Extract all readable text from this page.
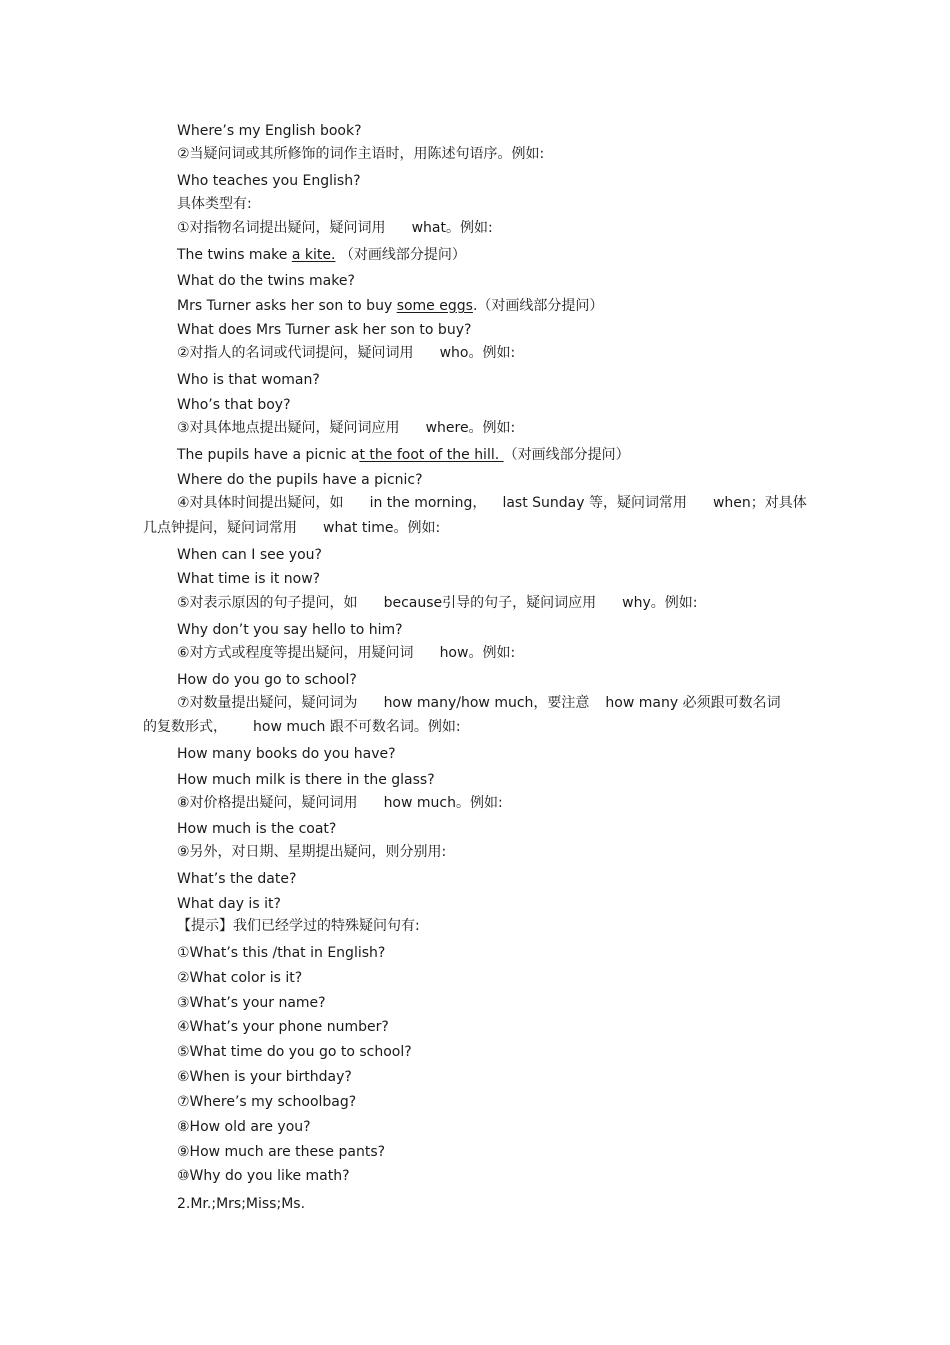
Where’s my English book?
②当疑问词或其所修饰的词作主语时，用陈述句语序。例如:
Who teaches you English?
具体类型有:
①对指物名词提出疑问，疑问词用 what。例如:
The twins make a kite. （对画线部分提问）
What do the twins make?
Mrs Turner asks her son to buy some eggs.（对画线部分提问）
What does Mrs Turner ask her son to buy?
②对指人的名词或代词提问，疑问词用 who。例如:
Who is that woman?
Who’s that boy?
③对具体地点提出疑问，疑问词应用 where。例如:
The pupils have a picnic at the foot of the hill. （对画线部分提问）
Where do the pupils have a picnic?
④对具体时间提出疑问，如 in the morning， last Sunday 等，疑问词常用 when；对具体
几点钟提问，疑问词常用 what time。例如:
When can I see you?
What time is it now?
⑤对表示原因的句子提问，如 because引导的句子，疑问词应用 why。例如:
Why don’t you say hello to him?
⑥对方式或程度等提出疑问，用疑问词 how。例如:
How do you go to school?
⑦对数量提出疑问，疑问词为 how many/how much，要注意 how many 必须跟可数名词
的复数形式， how much 跟不可数名词。例如:
How many books do you have?
How much milk is there in the glass?
⑧对价格提出疑问，疑问词用 how much。例如:
How much is the coat?
⑨另外，对日期、星期提出疑问，则分别用:
What’s the date?
What day is it?
【提示】我们已经学过的特殊疑问句有:
①What’s this /that in English?
②What color is it?
③What’s your name?
④What’s your phone number?
⑤What time do you go to school?
⑥When is your birthday?
⑦Where’s my schoolbag?
⑧How old are you?
⑨How much are these pants?
⑩Why do you like math?
2.Mr.;Mrs;Miss;Ms.
